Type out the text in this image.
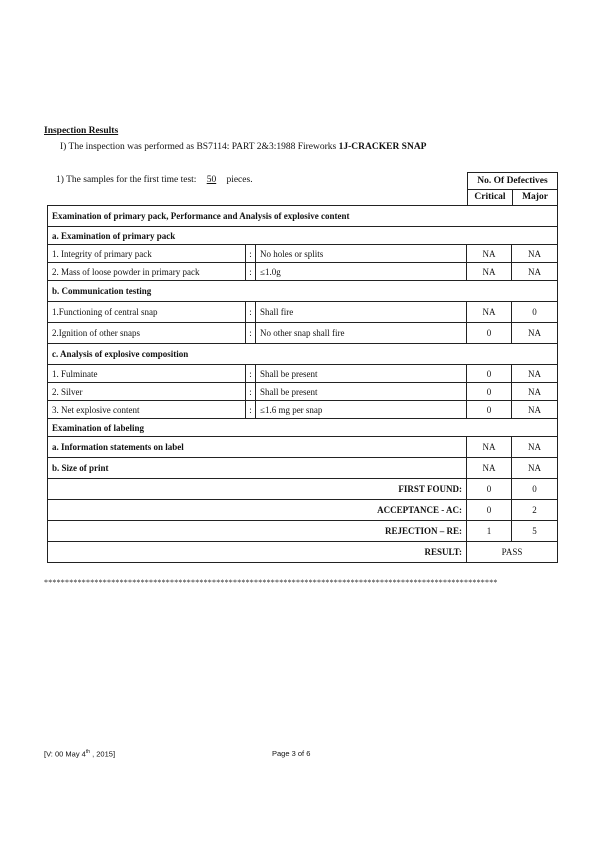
Inspection Results
I) The inspection was performed as BS7114: PART 2&3:1988 Fireworks 1J-CRACKER SNAP
1) The samples for the first time test: 50 pieces.	No. Of Defectives
Critical	Major
Examination of primary pack, Performance and Analysis of explosive content				
a. Examination of primary pack				
1. Integrity of primary pack	:	No holes or splits	NA	NA
2. Mass of loose powder in primary pack	:	≤1.0g	NA	NA
b. Communication testing				
1.Functioning of central snap	:	Shall fire	NA	0
2.Ignition of other snaps	:	No other snap shall fire	0	NA
c. Analysis of explosive composition				
1. Fulminate	:	Shall be present	0	NA
2. Silver	:	Shall be present	0	NA
3. Net explosive content	:	≤1.6 mg per snap	0	NA
Examination of labeling				
a. Information statements on label			NA	NA
b. Size of print			NA	NA
FIRST FOUND:			0	0
ACCEPTANCE - AC:			0	2
REJECTION – RE:			1	5
RESULT:			PASS	
************************************************************************************************************
[V: 00 May 4th , 2015]	Page 3 of 6
